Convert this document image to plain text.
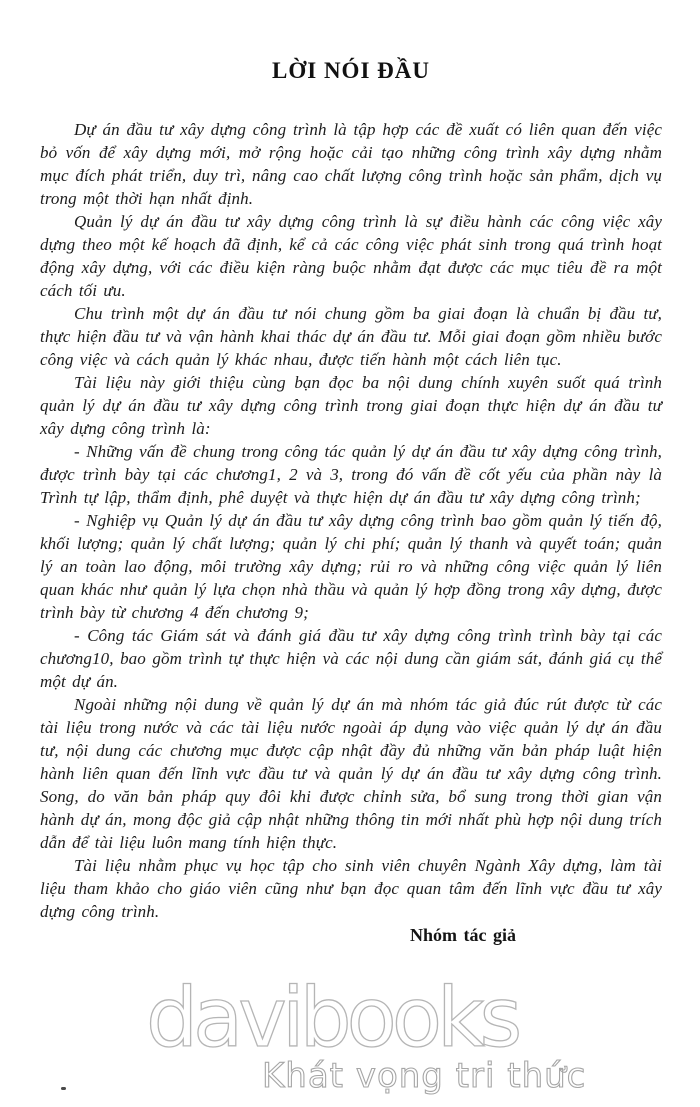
davibooks
Khát vọng tri thức
LỜI NÓI ĐẦU

Dự án đầu tư xây dựng công trình là tập hợp các đề xuất có liên quan đến việc bỏ vốn để xây dựng mới, mở rộng hoặc cải tạo những công trình xây dựng nhằm mục đích phát triển, duy trì, nâng cao chất lượng công trình hoặc sản phẩm, dịch vụ trong một thời hạn nhất định.

Quản lý dự án đầu tư xây dựng công trình là sự điều hành các công việc xây dựng theo một kế hoạch đã định, kể cả các công việc phát sinh trong quá trình hoạt động xây dựng, với các điều kiện ràng buộc nhằm đạt được các mục tiêu đề ra một cách tối ưu.

Chu trình một dự án đầu tư nói chung gồm ba giai đoạn là chuẩn bị đầu tư, thực hiện đầu tư và vận hành khai thác dự án đầu tư. Mỗi giai đoạn gồm nhiều bước công việc và cách quản lý khác nhau, được tiến hành một cách liên tục.

Tài liệu này giới thiệu cùng bạn đọc ba nội dung chính xuyên suốt quá trình quản lý dự án đầu tư xây dựng công trình trong giai đoạn thực hiện dự án đầu tư xây dựng công trình là:

- Những vấn đề chung trong công tác quản lý dự án đầu tư xây dựng công trình, được trình bày tại các chương1, 2 và 3, trong đó vấn đề cốt yếu của phần này là Trình tự lập, thẩm định, phê duyệt và thực hiện dự án đầu tư xây dựng công trình;

- Nghiệp vụ Quản lý dự án đầu tư xây dựng công trình bao gồm quản lý tiến độ, khối lượng; quản lý chất lượng; quản lý chi phí; quản lý thanh và quyết toán; quản lý an toàn lao động, môi trường xây dựng; rủi ro và những công việc quản lý liên quan khác như quản lý lựa chọn nhà thầu và quản lý hợp đồng trong xây dựng, được trình bày từ chương 4 đến chương 9;

- Công tác Giám sát và đánh giá đầu tư xây dựng công trình trình bày tại các chương10, bao gồm trình tự thực hiện và các nội dung cần giám sát, đánh giá cụ thể một dự án.

Ngoài những nội dung về quản lý dự án mà nhóm tác giả đúc rút được từ các tài liệu trong nước và các tài liệu nước ngoài áp dụng vào việc quản lý dự án đầu tư, nội dung các chương mục được cập nhật đầy đủ những văn bản pháp luật hiện hành liên quan đến lĩnh vực đầu tư và quản lý dự án đầu tư xây dựng công trình. Song, do văn bản pháp quy đôi khi được chỉnh sửa, bổ sung trong thời gian vận hành dự án, mong độc giả cập nhật những thông tin mới nhất phù hợp nội dung trích dẫn để tài liệu luôn mang tính hiện thực.

Tài liệu nhằm phục vụ học tập cho sinh viên chuyên Ngành Xây dựng, làm tài liệu tham khảo cho giáo viên cũng như bạn đọc quan tâm đến lĩnh vực đầu tư xây dựng công trình.

Nhóm tác giả
